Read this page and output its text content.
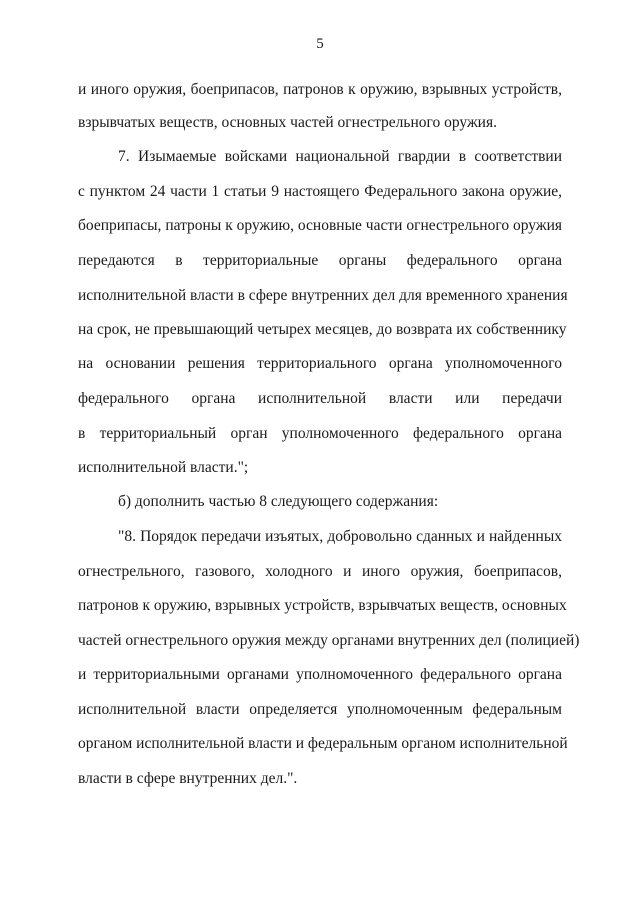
5
и иного оружия, боеприпасов, патронов к оружию, взрывных устройств,
взрывчатых веществ, основных частей огнестрельного оружия.
7. Изымаемые войсками национальной гвардии в соответствии
с пунктом 24 части 1 статьи 9 настоящего Федерального закона оружие,
боеприпасы, патроны к оружию, основные части огнестрельного оружия
передаются в территориальные органы федерального органа
исполнительной власти в сфере внутренних дел для временного хранения
на срок, не превышающий четырех месяцев, до возврата их собственнику
на основании решения территориального органа уполномоченного
федерального органа исполнительной власти или передачи
в территориальный орган уполномоченного федерального органа
исполнительной власти.";
б) дополнить частью 8 следующего содержания:
"8. Порядок передачи изъятых, добровольно сданных и найденных
огнестрельного, газового, холодного и иного оружия, боеприпасов,
патронов к оружию, взрывных устройств, взрывчатых веществ, основных
частей огнестрельного оружия между органами внутренних дел (полицией)
и территориальными органами уполномоченного федерального органа
исполнительной власти определяется уполномоченным федеральным
органом исполнительной власти и федеральным органом исполнительной
власти в сфере внутренних дел.".
